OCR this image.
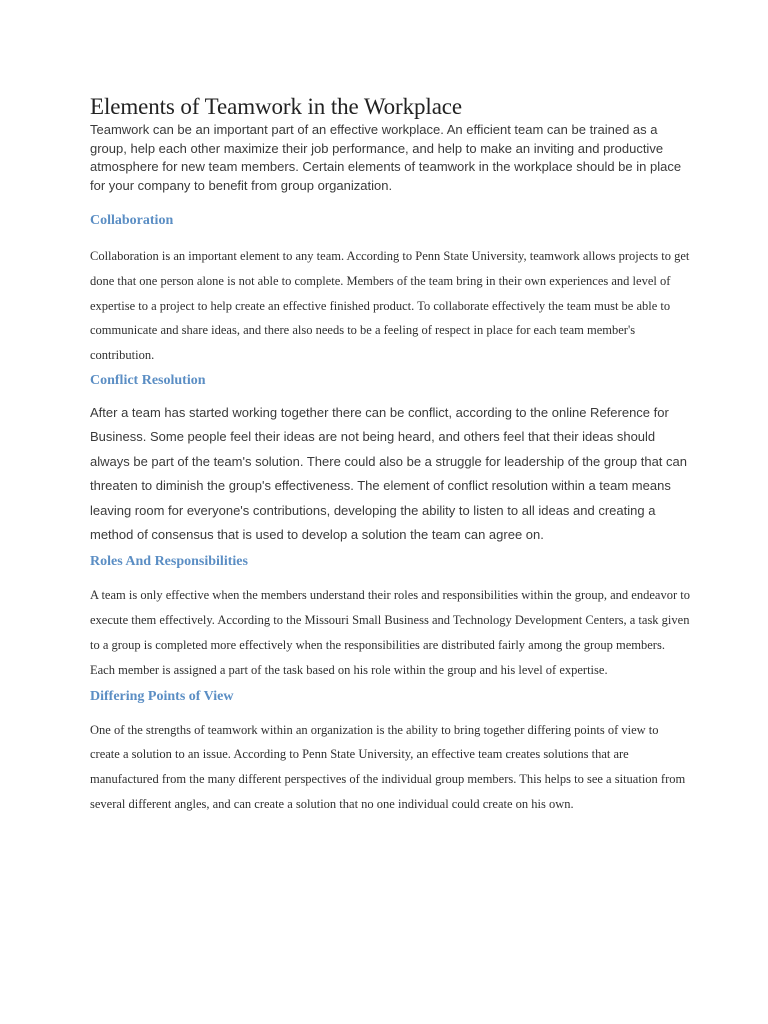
Elements of Teamwork in the Workplace

Teamwork can be an important part of an effective workplace. An efficient team can be trained as a group, help each other maximize their job performance, and help to make an inviting and productive atmosphere for new team members. Certain elements of teamwork in the workplace should be in place for your company to benefit from group organization.

Collaboration

Collaboration is an important element to any team. According to Penn State University, teamwork allows projects to get done that one person alone is not able to complete. Members of the team bring in their own experiences and level of expertise to a project to help create an effective finished product. To collaborate effectively the team must be able to communicate and share ideas, and there also needs to be a feeling of respect in place for each team member's contribution.

Conflict Resolution

After a team has started working together there can be conflict, according to the online Reference for Business. Some people feel their ideas are not being heard, and others feel that their ideas should always be part of the team's solution. There could also be a struggle for leadership of the group that can threaten to diminish the group's effectiveness. The element of conflict resolution within a team means leaving room for everyone's contributions, developing the ability to listen to all ideas and creating a method of consensus that is used to develop a solution the team can agree on.

Roles And Responsibilities

A team is only effective when the members understand their roles and responsibilities within the group, and endeavor to execute them effectively. According to the Missouri Small Business and Technology Development Centers, a task given to a group is completed more effectively when the responsibilities are distributed fairly among the group members. Each member is assigned a part of the task based on his role within the group and his level of expertise.

Differing Points of View

One of the strengths of teamwork within an organization is the ability to bring together differing points of view to create a solution to an issue. According to Penn State University, an effective team creates solutions that are manufactured from the many different perspectives of the individual group members. This helps to see a situation from several different angles, and can create a solution that no one individual could create on his own.
